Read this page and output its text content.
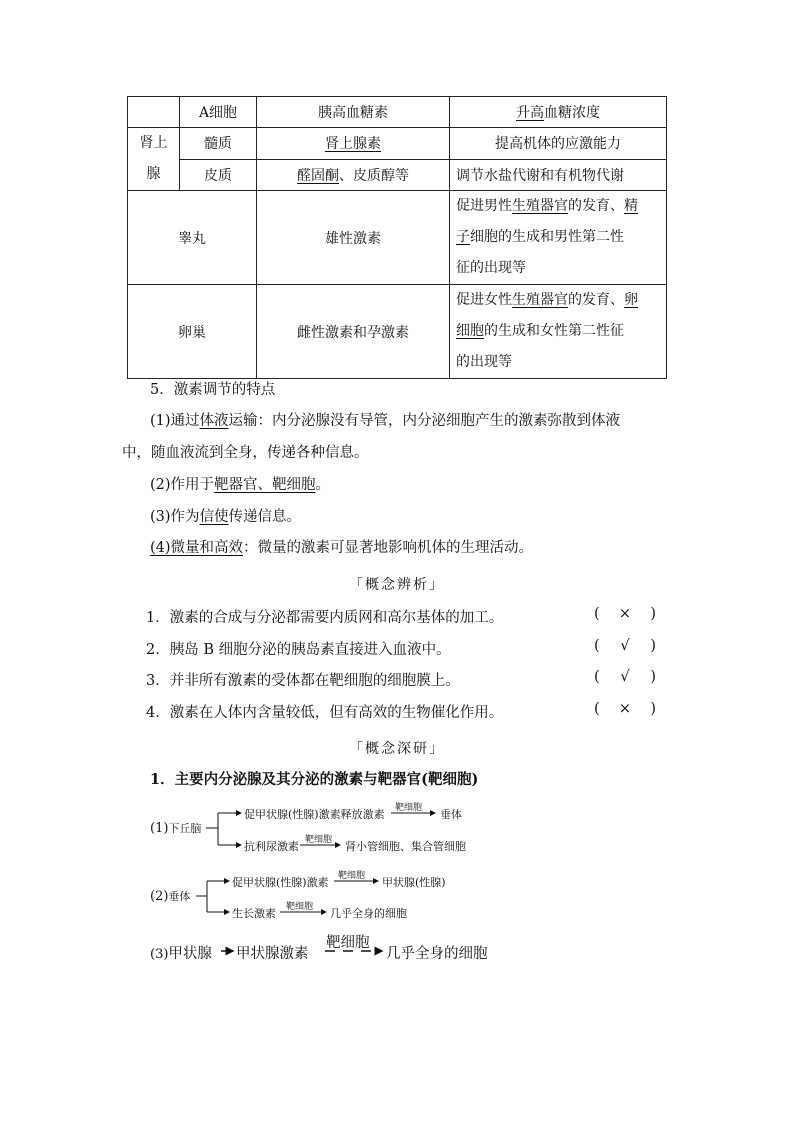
	A细胞	胰高血糖素	升高血糖浓度
肾上腺	髓质	肾上腺素	提高机体的应激能力
	皮质	醛固酮、皮质醇等	调节水盐代谢和有机物代谢
睾丸		雄性激素	促进男性生殖器官的发育、精
子细胞的生成和男性第二性
征的出现等
卵巢		雌性激素和孕激素	促进女性生殖器官的发育、卵
细胞的生成和女性第二性征
的出现等
5．激素调节的特点
(1)通过体液运输：内分泌腺没有导管，内分泌细胞产生的激素弥散到体液
中，随血液流到全身，传递各种信息。
(2)作用于靶器官、靶细胞。
(3)作为信使传递信息。
(4)微量和高效：微量的激素可显著地影响机体的生理活动。
「概念辨析」
1．激素的合成与分泌都需要内质网和高尔基体的加工。	( × )
2．胰岛 B 细胞分泌的胰岛素直接进入血液中。	( √ )
3．并非所有激素的受体都在靶细胞的细胞膜上。	( √ )
4．激素在人体内含量较低，但有高效的生物催化作用。	( × )
「概念深研」
1．主要内分泌腺及其分泌的激素与靶器官(靶细胞)
(1)下丘脑
促甲状腺(性腺)激素释放激素 靶细胞 垂体
抗利尿激素 靶细胞 肾小管细胞、集合管细胞
(2)垂体
促甲状腺(性腺)激素 靶细胞 甲状腺(性腺)
生长激素 靶细胞 几乎全身的细胞
(3)甲状腺 甲状腺激素
靶细胞
几乎全身的细胞
